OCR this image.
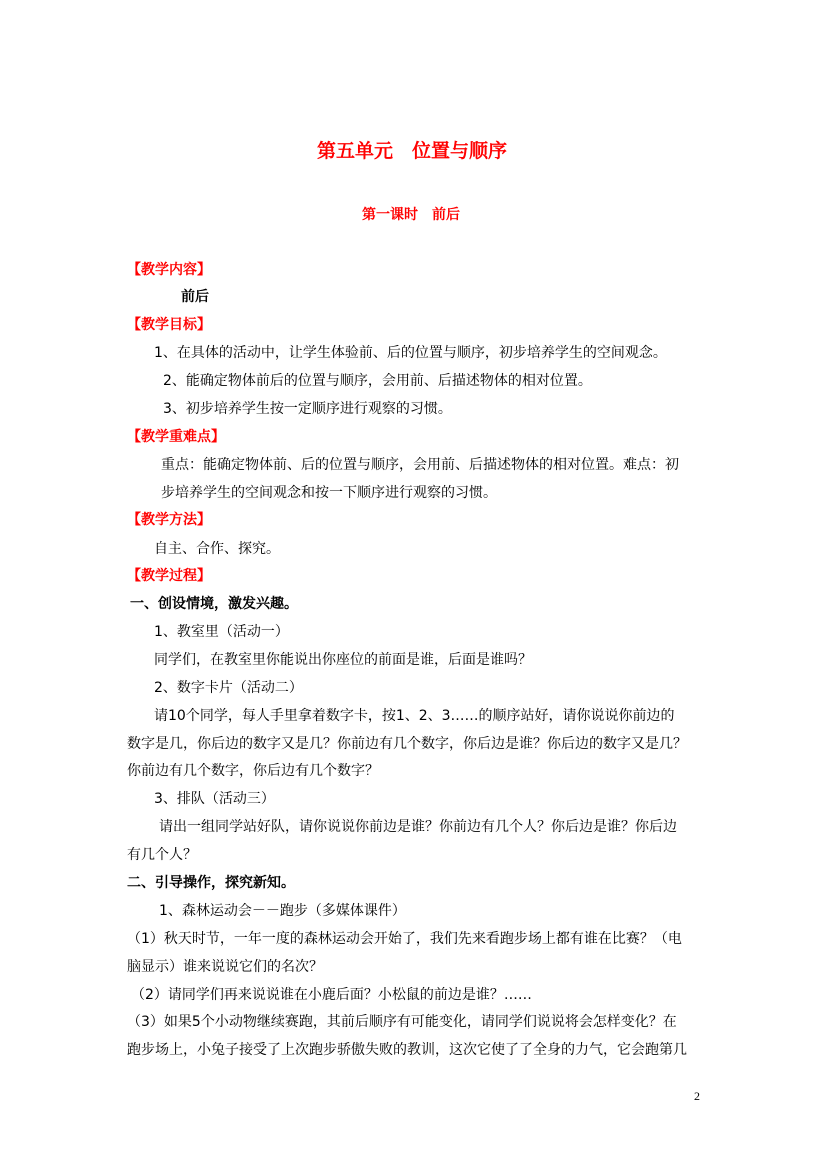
第五单元　位置与顺序
第一课时　前后
【教学内容】
前后
【教学目标】
1、在具体的活动中，让学生体验前、后的位置与顺序，初步培养学生的空间观念。
2、能确定物体前后的位置与顺序，会用前、后描述物体的相对位置。
3、初步培养学生按一定顺序进行观察的习惯。
【教学重难点】
重点：能确定物体前、后的位置与顺序，会用前、后描述物体的相对位置。难点：初
步培养学生的空间观念和按一下顺序进行观察的习惯。
【教学方法】
自主、合作、探究。
【教学过程】
一、创设情境，激发兴趣。
1、教室里（活动一）
同学们，在教室里你能说出你座位的前面是谁，后面是谁吗？
2、数字卡片（活动二）
请10个同学，每人手里拿着数字卡，按1、2、3……的顺序站好，请你说说你前边的
数字是几，你后边的数字又是几？你前边有几个数字，你后边是谁？你后边的数字又是几？
你前边有几个数字，你后边有几个数字？
3、排队（活动三）
请出一组同学站好队，请你说说你前边是谁？你前边有几个人？你后边是谁？你后边
有几个人？
二、引导操作，探究新知。
1、森林运动会－－跑步（多媒体课件）
（1）秋天时节，一年一度的森林运动会开始了，我们先来看跑步场上都有谁在比赛？（电
脑显示）谁来说说它们的名次？
（2）请同学们再来说说谁在小鹿后面？小松鼠的前边是谁？……
（3）如果5个小动物继续赛跑，其前后顺序有可能变化，请同学们说说将会怎样变化？在
跑步场上，小兔子接受了上次跑步骄傲失败的教训，这次它使了了全身的力气，它会跑第几
2
